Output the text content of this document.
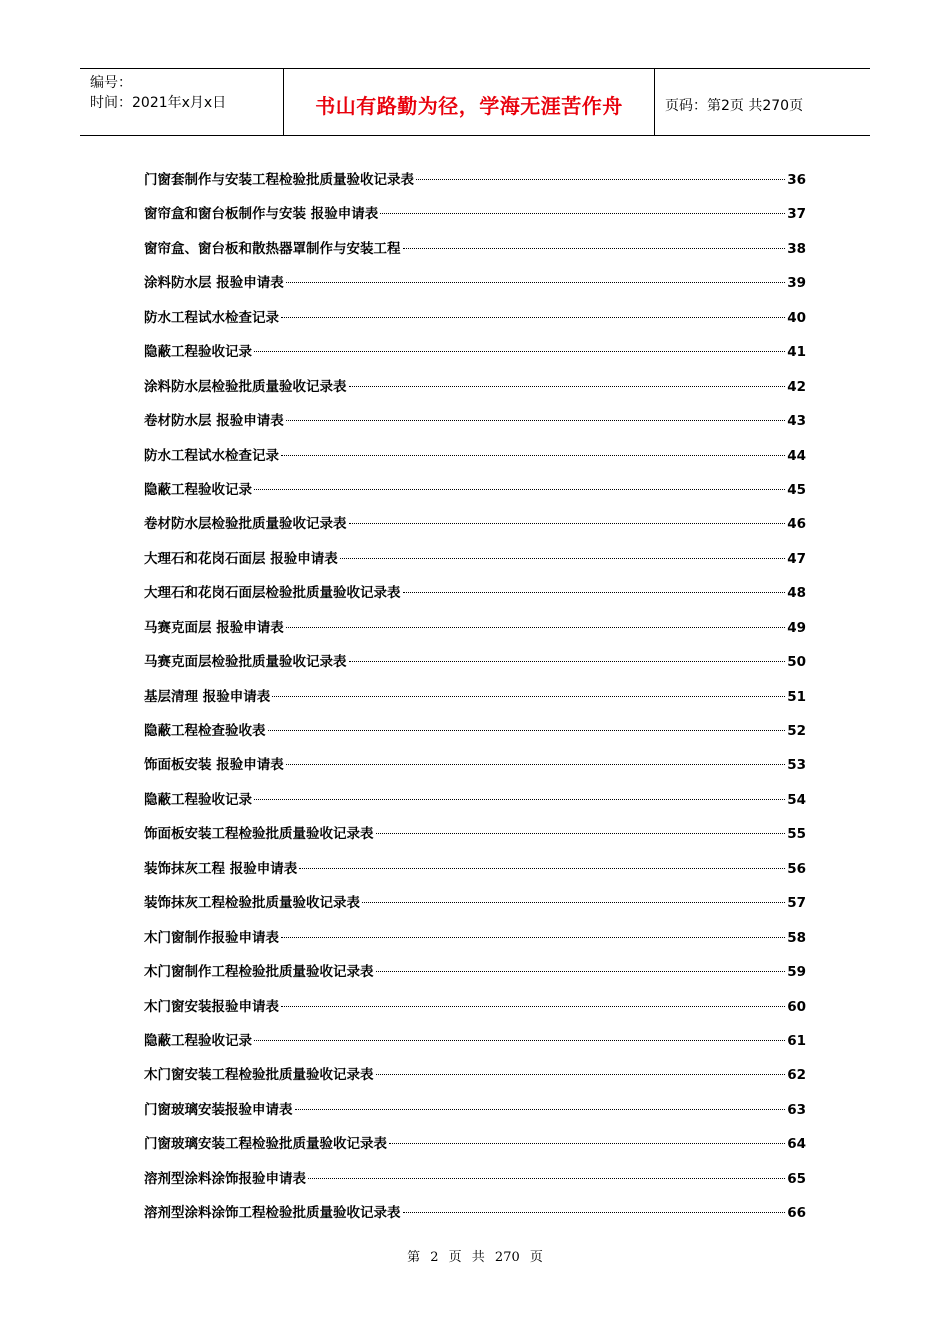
编号：
时间：2021年x月x日	书山有路勤为径，学海无涯苦作舟	页码：第2页 共270页
门窗套制作与安装工程检验批质量验收记录表	36
窗帘盒和窗台板制作与安装 报验申请表	37
窗帘盒、窗台板和散热器罩制作与安装工程	38
涂料防水层 报验申请表	39
防水工程试水检查记录	40
隐蔽工程验收记录	41
涂料防水层检验批质量验收记录表	42
卷材防水层 报验申请表	43
防水工程试水检查记录	44
隐蔽工程验收记录	45
卷材防水层检验批质量验收记录表	46
大理石和花岗石面层 报验申请表	47
大理石和花岗石面层检验批质量验收记录表	48
马赛克面层 报验申请表	49
马赛克面层检验批质量验收记录表	50
基层清理 报验申请表	51
隐蔽工程检查验收表	52
饰面板安装 报验申请表	53
隐蔽工程验收记录	54
饰面板安装工程检验批质量验收记录表	55
装饰抹灰工程 报验申请表	56
装饰抹灰工程检验批质量验收记录表	57
木门窗制作报验申请表	58
木门窗制作工程检验批质量验收记录表	59
木门窗安装报验申请表	60
隐蔽工程验收记录	61
木门窗安装工程检验批质量验收记录表	62
门窗玻璃安装报验申请表	63
门窗玻璃安装工程检验批质量验收记录表	64
溶剂型涂料涂饰报验申请表	65
溶剂型涂料涂饰工程检验批质量验收记录表	66
第 2 页 共 270 页
